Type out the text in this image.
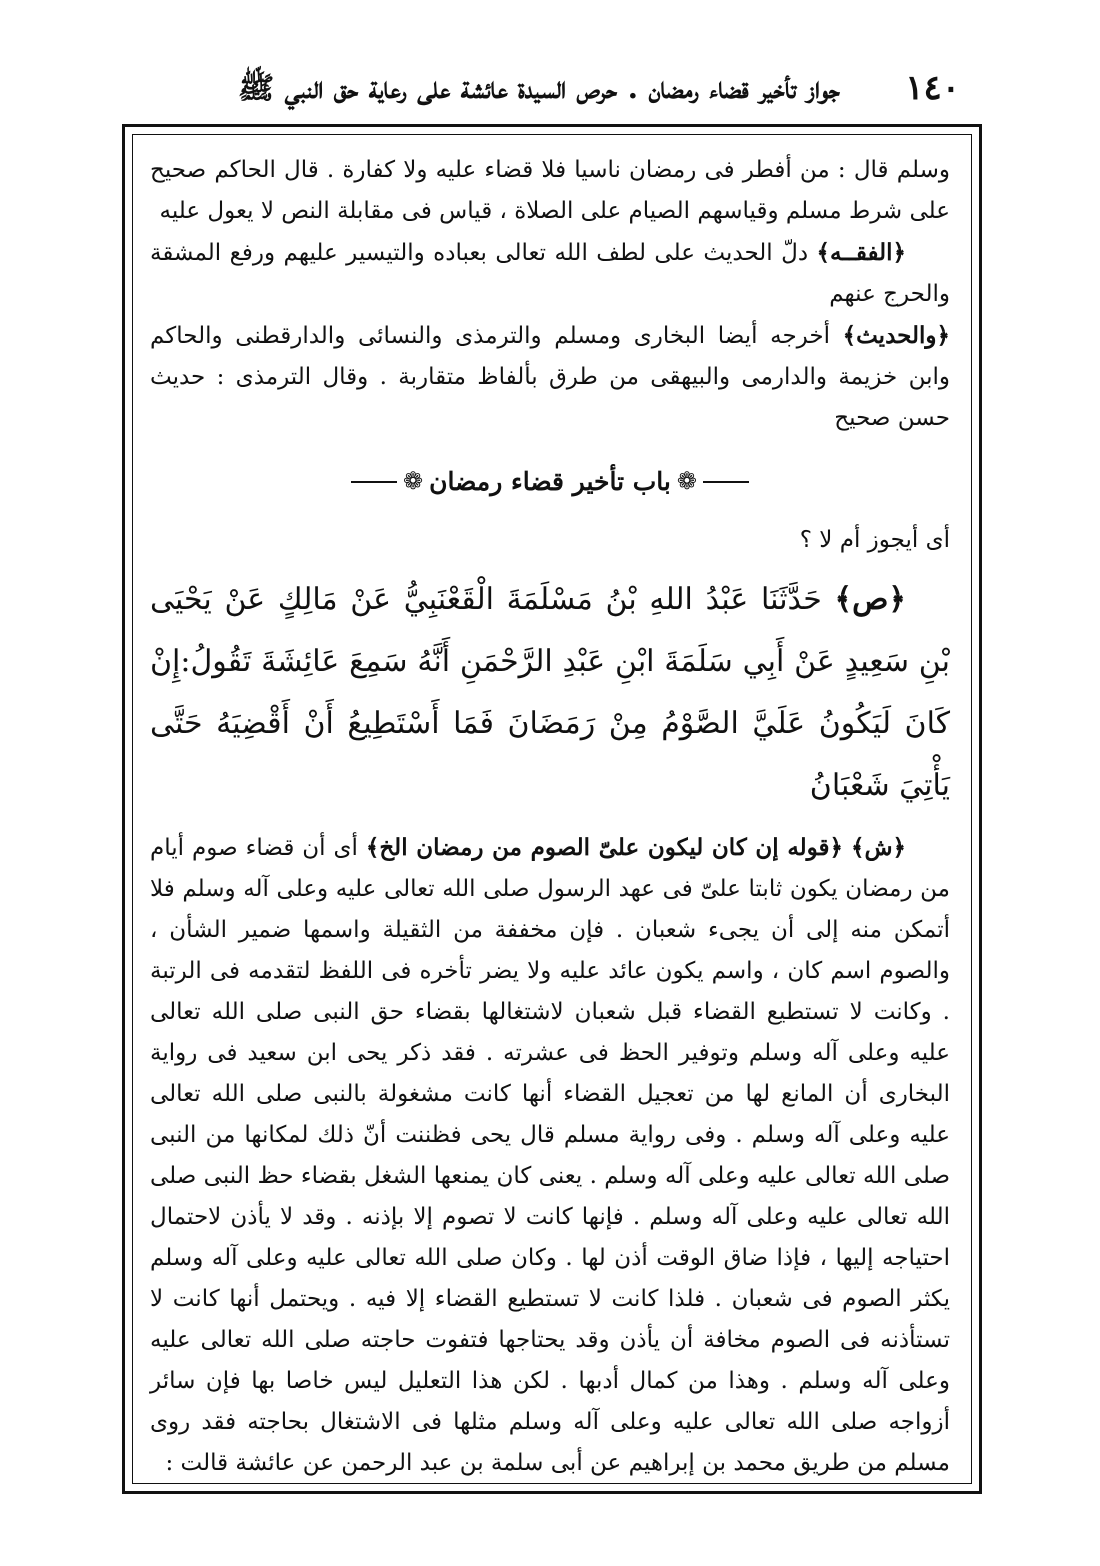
١٤٠
جواز تأخير قضاء رمضان . حرص السيدة عائشة على رعاية حق النبي ﷺ

وسلم قال : من أفطر فى رمضان ناسيا فلا قضاء عليه ولا كفارة . قال الحاكم صحيح على شرط مسلم وقياسهم الصيام على الصلاة ، قياس فى مقابلة النص لا يعول عليه

﴿الفقــه﴾ دلّ الحديث على لطف الله تعالى بعباده والتيسير عليهم ورفع المشقة والحرج عنهم

﴿والحديث﴾ أخرجه أيضا البخارى ومسلم والترمذى والنسائى والدارقطنى والحاكم وابن خزيمة والدارمى والبيهقى من طرق بألفاظ متقاربة . وقال الترمذى : حديث حسن صحيح

❁
باب تأخير قضاء رمضان
❁

أى أيجوز أم لا ؟

﴿ص﴾ حَدَّثَنَا عَبْدُ اللهِ بْنُ مَسْلَمَةَ الْقَعْنَبِيُّ عَنْ مَالِكٍ عَنْ يَحْيَى بْنِ سَعِيدٍ عَنْ أَبِي سَلَمَةَ ابْنِ عَبْدِ الرَّحْمَنِ أَنَّهُ سَمِعَ عَائِشَةَ تَقُولُ:إِنْ كَانَ لَيَكُونُ عَلَيَّ الصَّوْمُ مِنْ رَمَضَانَ فَمَا أَسْتَطِيعُ أَنْ أَقْضِيَهُ حَتَّى يَأْتِيَ شَعْبَانُ

﴿ش﴾ ﴿قوله إن كان ليكون علىّ الصوم من رمضان الخ﴾ أى أن قضاء صوم أيام من رمضان يكون ثابتا علىّ فى عهد الرسول صلى الله تعالى عليه وعلى آله وسلم فلا أتمكن منه إلى أن يجىء شعبان . فإن مخففة من الثقيلة واسمها ضمير الشأن ، والصوم اسم كان ، واسم يكون عائد عليه ولا يضر تأخره فى اللفظ لتقدمه فى الرتبة . وكانت لا تستطيع القضاء قبل شعبان لاشتغالها بقضاء حق النبى صلى الله تعالى عليه وعلى آله وسلم وتوفير الحظ فى عشرته . فقد ذكر يحى ابن سعيد فى رواية البخارى أن المانع لها من تعجيل القضاء أنها كانت مشغولة بالنبى صلى الله تعالى عليه وعلى آله وسلم . وفى رواية مسلم قال يحى فظننت أنّ ذلك لمكانها من النبى صلى الله تعالى عليه وعلى آله وسلم . يعنى كان يمنعها الشغل بقضاء حظ النبى صلى الله تعالى عليه وعلى آله وسلم . فإنها كانت لا تصوم إلا بإذنه . وقد لا يأذن لاحتمال احتياجه إليها ، فإذا ضاق الوقت أذن لها . وكان صلى الله تعالى عليه وعلى آله وسلم يكثر الصوم فى شعبان . فلذا كانت لا تستطيع القضاء إلا فيه . ويحتمل أنها كانت لا تستأذنه فى الصوم مخافة أن يأذن وقد يحتاجها فتفوت حاجته صلى الله تعالى عليه وعلى آله وسلم . وهذا من كمال أدبها . لكن هذا التعليل ليس خاصا بها فإن سائر أزواجه صلى الله تعالى عليه وعلى آله وسلم مثلها فى الاشتغال بحاجته فقد روى مسلم من طريق محمد بن إبراهيم عن أبى سلمة بن عبد الرحمن عن عائشة قالت :
